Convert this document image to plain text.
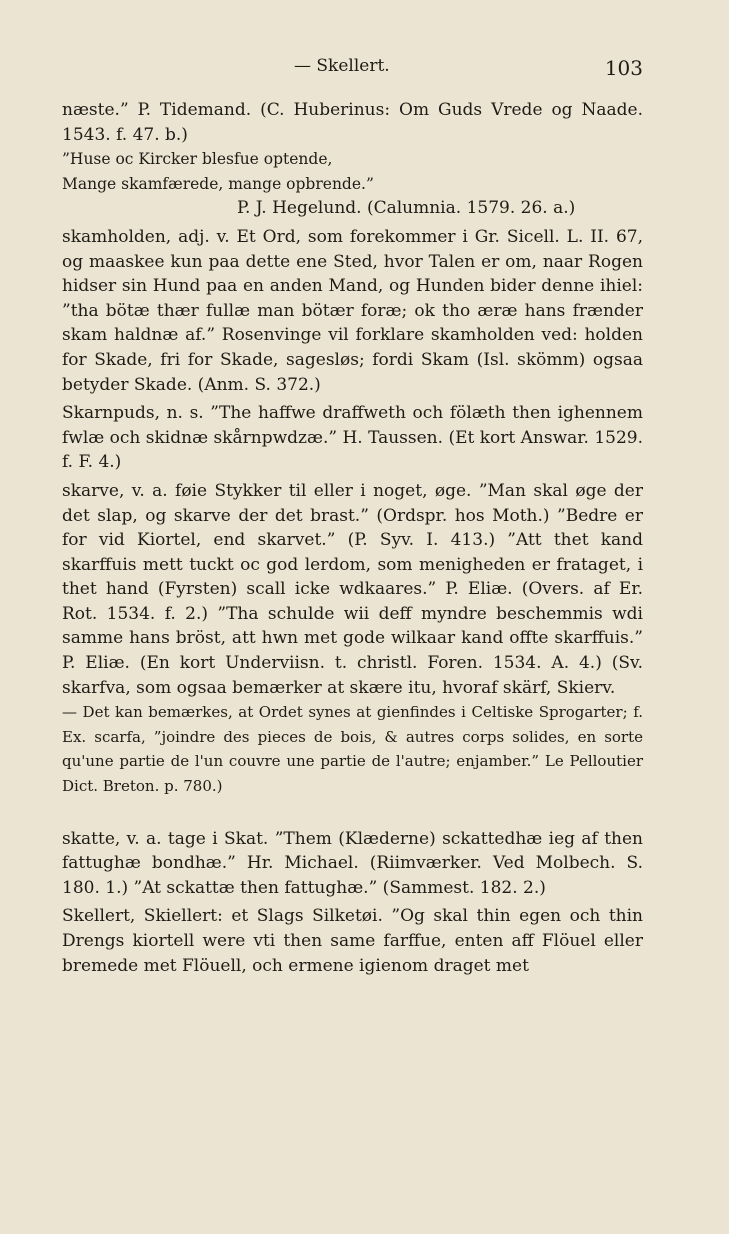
— Skellert.	103

næste.” P. Tidemand. (C. Huberinus: Om Guds Vrede og Naade. 1543. f. 47. b.)

”Huse oc Kircker blesfue optende,

Mange skamfærede, mange opbrende.”

P. J. Hegelund. (Calumnia. 1579. 26. a.)

skamholden, adj. v. Et Ord, som forekommer i Gr. Sicell. L. II. 67, og maaskee kun paa dette ene Sted, hvor Talen er om, naar Rogen hidser sin Hund paa en anden Mand, og Hunden bider denne ihiel: ”tha bötæ thær fullæ man bötær foræ; ok tho æræ hans frænder skam haldnæ af.” Rosenvinge vil forklare skamholden ved: holden for Skade, fri for Skade, sagesløs; fordi Skam (Isl. skömm) ogsaa betyder Skade. (Anm. S. 372.)

Skarnpuds, n. s. ”The haffwe draffweth och fölæth then ighennem fwlæ och skidnæ skårnpwdzæ.” H. Taussen. (Et kort Answar. 1529. f. F. 4.)

skarve, v. a. føie Stykker til eller i noget, øge. ”Man skal øge der det slap, og skarve der det brast.” (Ordspr. hos Moth.) ”Bedre er for vid Kiortel, end skarvet.” (P. Syv. I. 413.) ”Att thet kand skarffuis mett tuckt oc god lerdom, som menigheden er frataget, i thet hand (Fyrsten) scall icke wdkaares.” P. Eliæ. (Overs. af Er. Rot. 1534. f. 2.) ”Tha schulde wii deff myndre beschemmis wdi samme hans bröst, att hwn met gode wilkaar kand offte skarffuis.” P. Eliæ. (En kort Underviisn. t. christl. Foren. 1534. A. 4.) (Sv. skarfva, som ogsaa bemærker at skære itu, hvoraf skärf, Skierv.

— Det kan bemærkes, at Ordet synes at gienfindes i Celtiske Sprogarter; f. Ex. scarfa, ”joindre des pieces de bois, & autres corps solides, en sorte qu'une partie de l'un couvre une partie de l'autre; enjamber.” Le Pelloutier Dict. Breton. p. 780.)

skatte, v. a. tage i Skat. ”Them (Klæderne) sckattedhæ ieg af then fattughæ bondhæ.” Hr. Michael. (Riimværker. Ved Molbech. S. 180. 1.) ”At sckattæ then fattughæ.” (Sammest. 182. 2.)

Skellert, Skiellert: et Slags Silketøi. ”Og skal thin egen och thin Drengs kiortell were vti then same farffue, enten aff Flöuel eller bremede met Flöuell, och ermene igienom draget met
